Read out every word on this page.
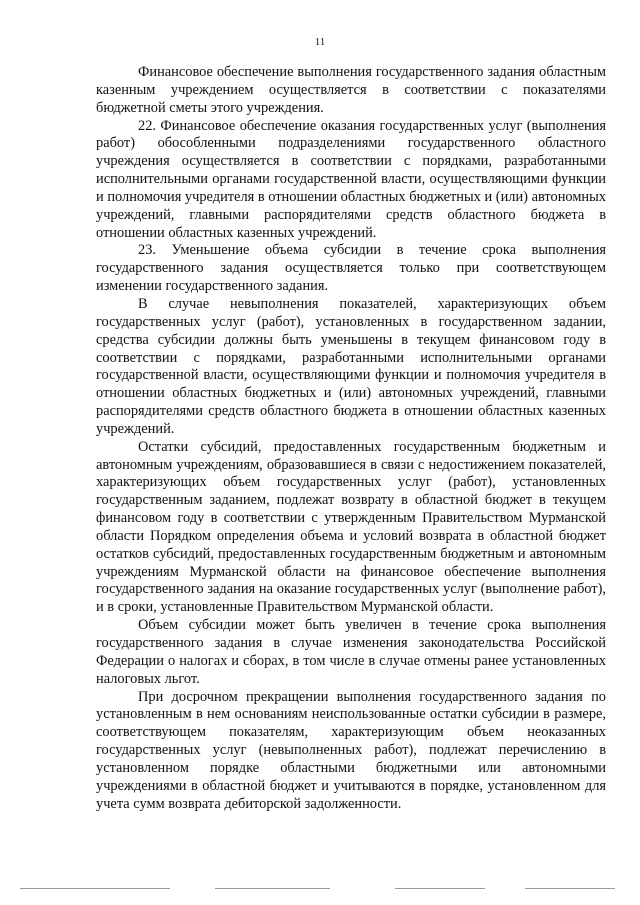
11

Финансовое обеспечение выполнения государственного задания областным казенным учреждением осуществляется в соответствии с показателями бюджетной сметы этого учреждения.

22. Финансовое обеспечение оказания государственных услуг (выполнения работ) обособленными подразделениями государственного областного учреждения осуществляется в соответствии с порядками, разработанными исполнительными органами государственной власти, осуществляющими функции и полномочия учредителя в отношении областных бюджетных и (или) автономных учреждений, главными распорядителями средств областного бюджета в отношении областных казенных учреждений.

23. Уменьшение объема субсидии в течение срока выполнения государственного задания осуществляется только при соответствующем изменении государственного задания.

В случае невыполнения показателей, характеризующих объем государственных услуг (работ), установленных в государственном задании, средства субсидии должны быть уменьшены в текущем финансовом году в соответствии с порядками, разработанными исполнительными органами государственной власти, осуществляющими функции и полномочия учредителя в отношении областных бюджетных и (или) автономных учреждений, главными распорядителями средств областного бюджета в отношении областных казенных учреждений.

Остатки субсидий, предоставленных государственным бюджетным и автономным учреждениям, образовавшиеся в связи с недостижением показателей, характеризующих объем государственных услуг (работ), установленных государственным заданием, подлежат возврату в областной бюджет в текущем финансовом году в соответствии с утвержденным Правительством Мурманской области Порядком определения объема и условий возврата в областной бюджет остатков субсидий, предоставленных государственным бюджетным и автономным учреждениям Мурманской области на финансовое обеспечение выполнения государственного задания на оказание государственных услуг (выполнение работ), и в сроки, установленные Правительством Мурманской области.

Объем субсидии может быть увеличен в течение срока выполнения государственного задания в случае изменения законодательства Российской Федерации о налогах и сборах, в том числе в случае отмены ранее установленных налоговых льгот.

При досрочном прекращении выполнения государственного задания по установленным в нем основаниям неиспользованные остатки субсидии в размере, соответствующем показателям, характеризующим объем неоказанных государственных услуг (невыполненных работ), подлежат перечислению в установленном порядке областными бюджетными или автономными учреждениями в областной бюджет и учитываются в порядке, установленном для учета сумм возврата дебиторской задолженности.
